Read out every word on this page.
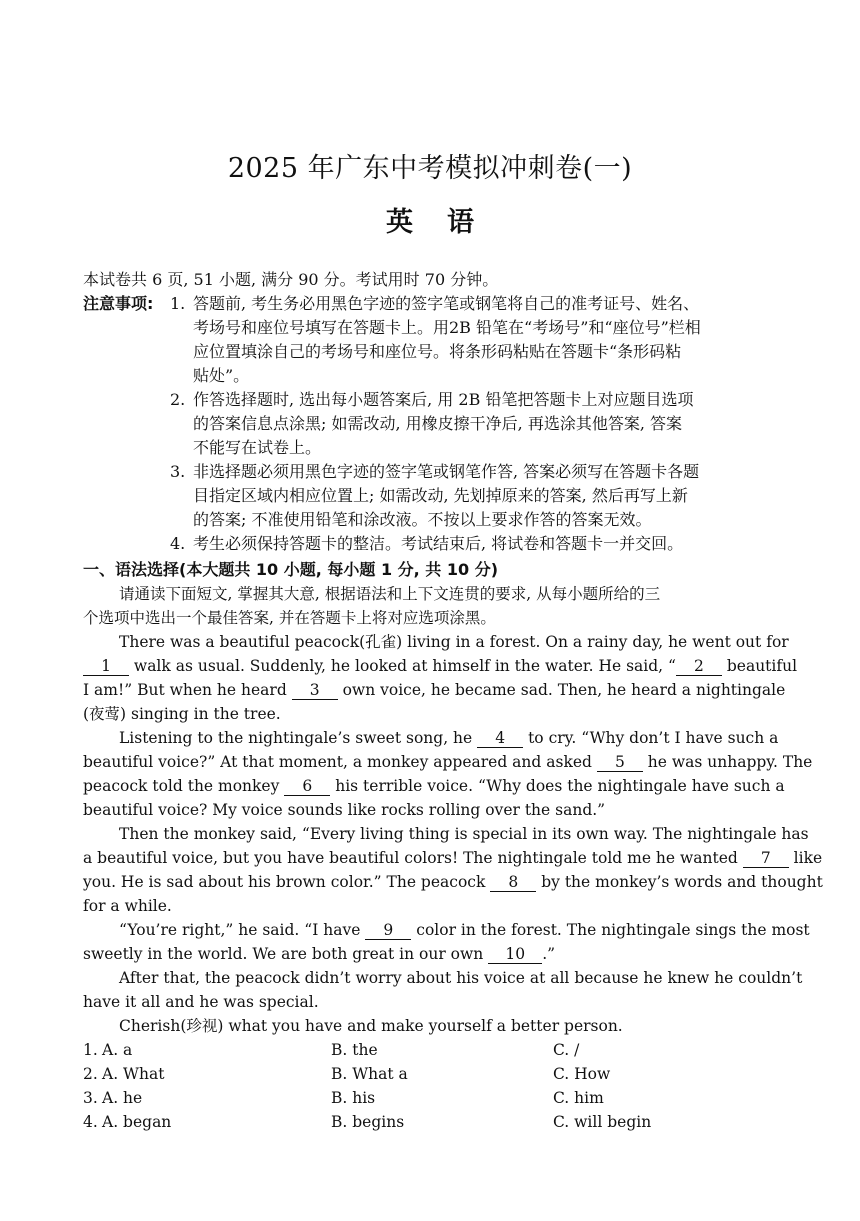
2025 年广东中考模拟冲刺卷(一)
英 语
本试卷共 6 页, 51 小题, 满分 90 分。考试用时 70 分钟。
注意事项: 1. 答题前, 考生务必用黑色字迹的签字笔或钢笔将自己的准考证号、姓名、

考场号和座位号填写在答题卡上。用2B 铅笔在“考场号”和“座位号”栏相

应位置填涂自己的考场号和座位号。将条形码粘贴在答题卡“条形码粘

贴处”。

2. 作答选择题时, 选出每小题答案后, 用 2B 铅笔把答题卡上对应题目选项

的答案信息点涂黑; 如需改动, 用橡皮擦干净后, 再选涂其他答案, 答案

不能写在试卷上。

3. 非选择题必须用黑色字迹的签字笔或钢笔作答, 答案必须写在答题卡各题

目指定区域内相应位置上; 如需改动, 先划掉原来的答案, 然后再写上新

的答案; 不准使用铅笔和涂改液。不按以上要求作答的答案无效。

4. 考生必须保持答题卡的整洁。考试结束后, 将试卷和答题卡一并交回。

一、语法选择(本大题共 10 小题, 每小题 1 分, 共 10 分)

请通读下面短文, 掌握其大意, 根据语法和上下文连贯的要求, 从每小题所给的三

个选项中选出一个最佳答案, 并在答题卡上将对应选项涂黑。

There was a beautiful peacock(孔雀) living in a forest. On a rainy day, he went out for

1 walk as usual. Suddenly, he looked at himself in the water. He said, “ 2 beautiful

I am!” But when he heard 3 own voice, he became sad. Then, he heard a nightingale

(夜莺) singing in the tree.

Listening to the nightingale’s sweet song, he 4 to cry. “Why don’t I have such a

beautiful voice?” At that moment, a monkey appeared and asked 5 he was unhappy. The

peacock told the monkey 6 his terrible voice. “Why does the nightingale have such a

beautiful voice? My voice sounds like rocks rolling over the sand.”

Then the monkey said, “Every living thing is special in its own way. The nightingale has

a beautiful voice, but you have beautiful colors! The nightingale told me he wanted 7 like

you. He is sad about his brown color.” The peacock 8 by the monkey’s words and thought

for a while.

“You’re right,” he said. “I have 9 color in the forest. The nightingale sings the most

sweetly in the world. We are both great in our own 10 .”

After that, the peacock didn’t worry about his voice at all because he knew he couldn’t

have it all and he was special.

Cherish(珍视) what you have and make yourself a better person.

1. A. a	B. the	C. /
2. A. What	B. What a	C. How
3. A. he	B. his	C. him
4. A. began	B. begins	C. will begin
